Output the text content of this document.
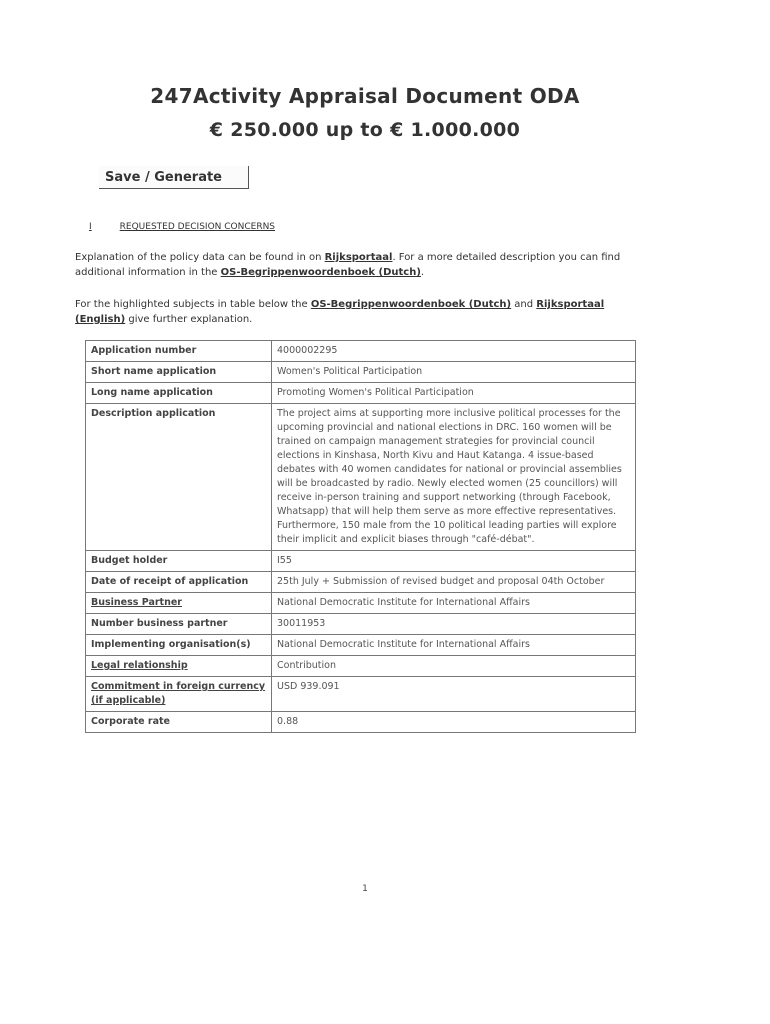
247Activity Appraisal Document ODA
€ 250.000 up to € 1.000.000
Save / Generate
I	REQUESTED DECISION CONCERNS
Explanation of the policy data can be found in on Rijksportaal. For a more detailed description you can find additional information in the OS-Begrippenwoordenboek (Dutch).
For the highlighted subjects in table below the OS-Begrippenwoordenboek (Dutch) and Rijksportaal (English) give further explanation.
Application number	4000002295
Short name application	Women's Political Participation
Long name application	Promoting Women's Political Participation
Description application	The project aims at supporting more inclusive political processes for the upcoming provincial and national elections in DRC. 160 women will be trained on campaign management strategies for provincial council elections in Kinshasa, North Kivu and Haut Katanga. 4 issue-based debates with 40 women candidates for national or provincial assemblies will be broadcasted by radio. Newly elected women (25 councillors) will receive in-person training and support networking (through Facebook, Whatsapp) that will help them serve as more effective representatives. Furthermore, 150 male from the 10 political leading parties will explore their implicit and explicit biases through "café-débat".
Budget holder	I55
Date of receipt of application	25th July + Submission of revised budget and proposal 04th October
Business Partner	National Democratic Institute for International Affairs
Number business partner	30011953
Implementing organisation(s)	National Democratic Institute for International Affairs
Legal relationship	Contribution
Commitment in foreign currency (if applicable)	USD 939.091
Corporate rate	0.88
1
